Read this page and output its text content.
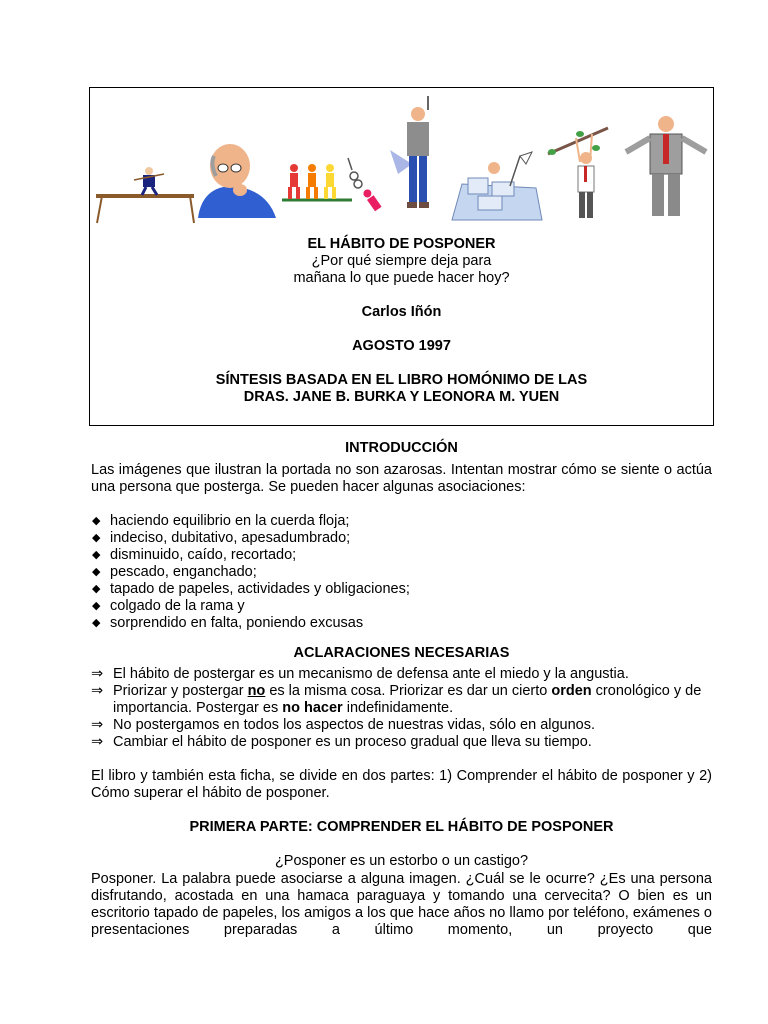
EL HÁBITO DE POSPONER
¿Por qué siempre deja para
mañana lo que puede hacer hoy?
Carlos Iñón
AGOSTO 1997
SÍNTESIS BASADA EN EL LIBRO HOMÓNIMO DE LAS
DRAS. JANE B. BURKA Y LEONORA M. YUEN
INTRODUCCIÓN

Las imágenes que ilustran la portada no son azarosas. Intentan mostrar cómo se siente o actúa una persona que posterga. Se pueden hacer algunas asociaciones:

◆ haciendo equilibrio en la cuerda floja;
◆ indeciso, dubitativo, apesadumbrado;
◆ disminuido, caído, recortado;
◆ pescado, enganchado;
◆ tapado de papeles, actividades y obligaciones;
◆ colgado de la rama y
◆ sorprendido en falta, poniendo excusas
ACLARACIONES NECESARIAS
⇒ El hábito de postergar es un mecanismo de defensa ante el miedo y la angustia.
⇒ Priorizar y postergar no es la misma cosa. Priorizar es dar un cierto orden cronológico y de importancia. Postergar es no hacer indefinidamente.
⇒ No postergamos en todos los aspectos de nuestras vidas, sólo en algunos.
⇒ Cambiar el hábito de posponer es un proceso gradual que lleva su tiempo.

El libro y también esta ficha, se divide en dos partes: 1) Comprender el hábito de posponer y 2) Cómo superar el hábito de posponer.

PRIMERA PARTE: COMPRENDER EL HÁBITO DE POSPONER
¿Posponer es un estorbo o un castigo?

Posponer. La palabra puede asociarse a alguna imagen. ¿Cuál se le ocurre? ¿Es una persona disfrutando, acostada en una hamaca paraguaya y tomando una cervecita? O bien es un escritorio tapado de papeles, los amigos a los que hace años no llamo por teléfono, exámenes o presentaciones preparadas a último momento, un proyecto que
